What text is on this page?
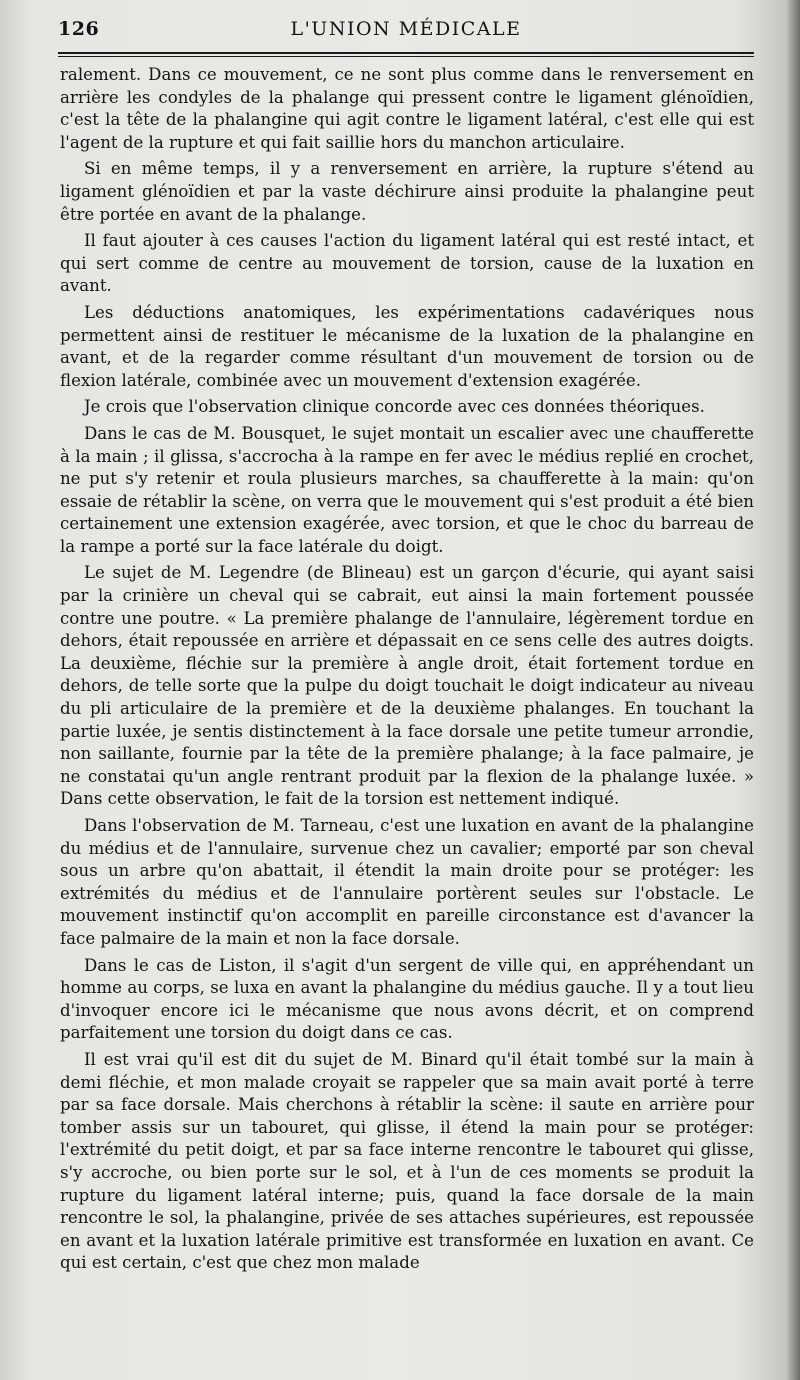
126	L'UNION MÉDICALE

ralement. Dans ce mouvement, ce ne sont plus comme dans le renversement en arrière les condyles de la phalange qui pressent contre le ligament glénoïdien, c'est la tête de la phalangine qui agit contre le ligament latéral, c'est elle qui est l'agent de la rupture et qui fait saillie hors du manchon articulaire.

Si en même temps, il y a renversement en arrière, la rupture s'étend au ligament glénoïdien et par la vaste déchirure ainsi produite la phalangine peut être portée en avant de la phalange.

Il faut ajouter à ces causes l'action du ligament latéral qui est resté intact, et qui sert comme de centre au mouvement de torsion, cause de la luxation en avant.

Les déductions anatomiques, les expérimentations cadavériques nous permettent ainsi de restituer le mécanisme de la luxation de la phalangine en avant, et de la regarder comme résultant d'un mouvement de torsion ou de flexion latérale, combinée avec un mouvement d'extension exagérée.

Je crois que l'observation clinique concorde avec ces données théoriques.

Dans le cas de M. Bousquet, le sujet montait un escalier avec une chaufferette à la main ; il glissa, s'accrocha à la rampe en fer avec le médius replié en crochet, ne put s'y retenir et roula plusieurs marches, sa chaufferette à la main: qu'on essaie de rétablir la scène, on verra que le mouvement qui s'est produit a été bien certainement une extension exagérée, avec torsion, et que le choc du barreau de la rampe a porté sur la face latérale du doigt.

Le sujet de M. Legendre (de Blineau) est un garçon d'écurie, qui ayant saisi par la crinière un cheval qui se cabrait, eut ainsi la main fortement poussée contre une poutre. « La première phalange de l'annulaire, légèrement tordue en dehors, était repoussée en arrière et dépassait en ce sens celle des autres doigts. La deuxième, fléchie sur la première à angle droit, était fortement tordue en dehors, de telle sorte que la pulpe du doigt touchait le doigt indicateur au niveau du pli articulaire de la première et de la deuxième phalanges. En touchant la partie luxée, je sentis distinctement à la face dorsale une petite tumeur arrondie, non saillante, fournie par la tête de la première phalange; à la face palmaire, je ne constatai qu'un angle rentrant produit par la flexion de la phalange luxée. » Dans cette observation, le fait de la torsion est nettement indiqué.

Dans l'observation de M. Tarneau, c'est une luxation en avant de la phalangine du médius et de l'annulaire, survenue chez un cavalier; emporté par son cheval sous un arbre qu'on abattait, il étendit la main droite pour se protéger: les extrémités du médius et de l'annulaire portèrent seules sur l'obstacle. Le mouvement instinctif qu'on accomplit en pareille circonstance est d'avancer la face palmaire de la main et non la face dorsale.

Dans le cas de Liston, il s'agit d'un sergent de ville qui, en appréhendant un homme au corps, se luxa en avant la phalangine du médius gauche. Il y a tout lieu d'invoquer encore ici le mécanisme que nous avons décrit, et on comprend parfaitement une torsion du doigt dans ce cas.

Il est vrai qu'il est dit du sujet de M. Binard qu'il était tombé sur la main à demi fléchie, et mon malade croyait se rappeler que sa main avait porté à terre par sa face dorsale. Mais cherchons à rétablir la scène: il saute en arrière pour tomber assis sur un tabouret, qui glisse, il étend la main pour se protéger: l'extrémité du petit doigt, et par sa face interne rencontre le tabouret qui glisse, s'y accroche, ou bien porte sur le sol, et à l'un de ces moments se produit la rupture du ligament latéral interne; puis, quand la face dorsale de la main rencontre le sol, la phalangine, privée de ses attaches supérieures, est repoussée en avant et la luxation latérale primitive est transformée en luxation en avant. Ce qui est certain, c'est que chez mon malade
